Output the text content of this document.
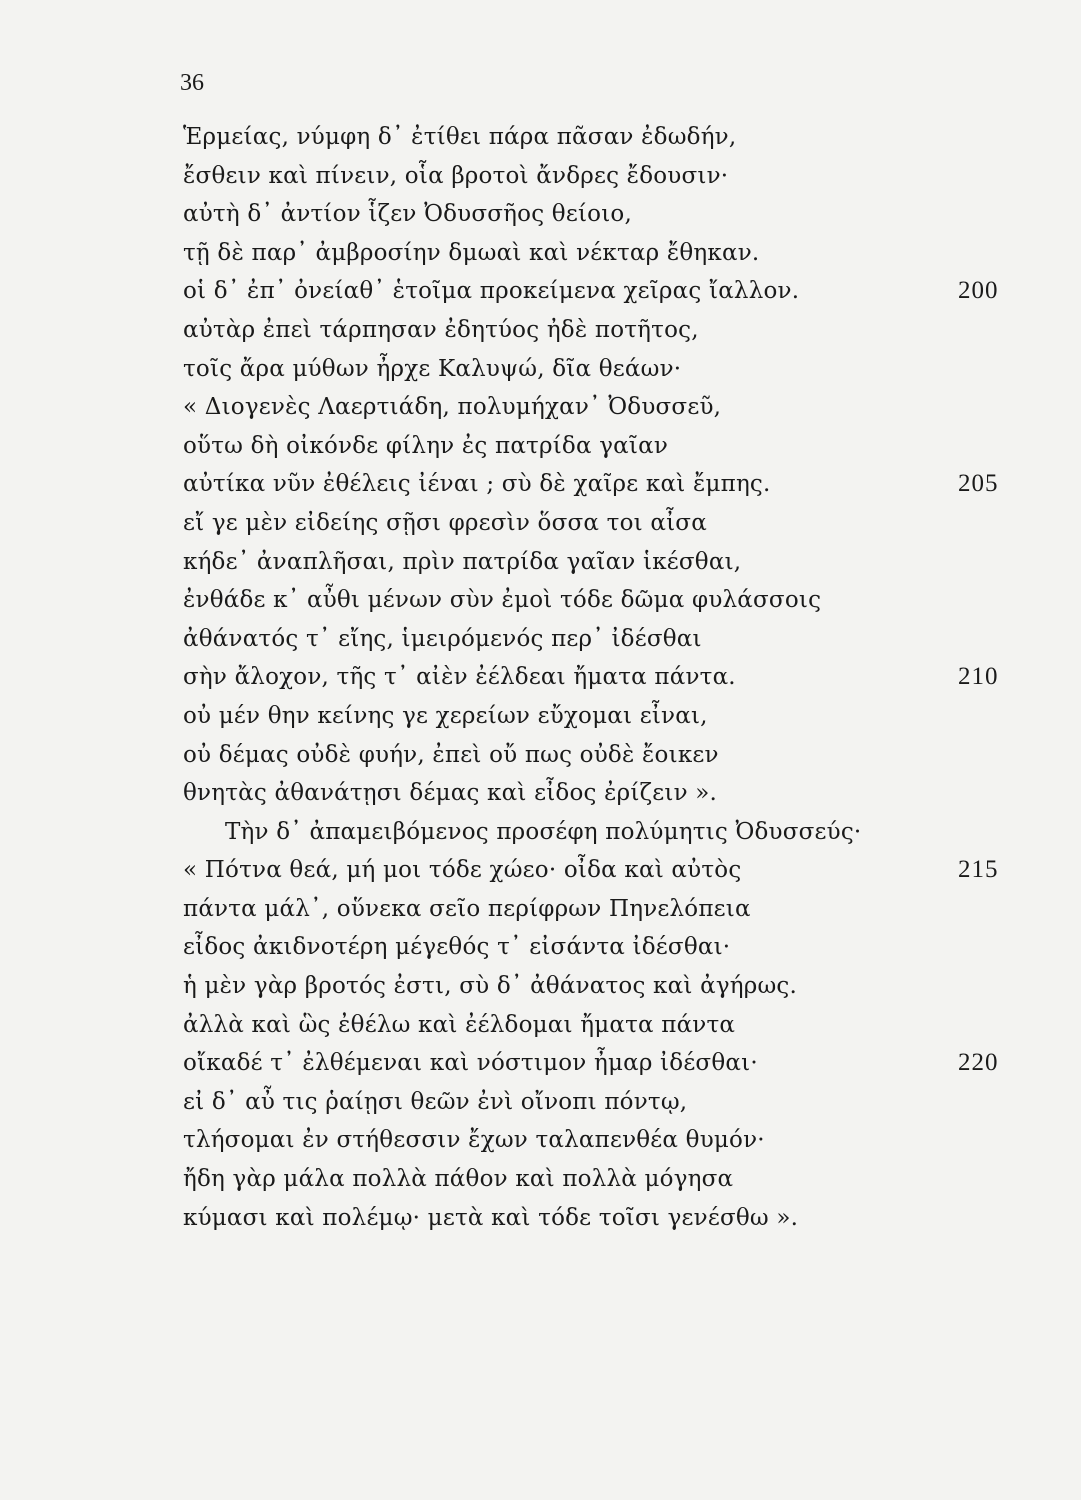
36
Ἑρμείας, νύμφη δ᾽ ἐτίθει πάρα πᾶσαν ἐδωδήν,
ἔσθειν καὶ πίνειν, οἷα βροτοὶ ἄνδρες ἔδουσιν·
αὐτὴ δ᾽ ἀντίον ἷζεν Ὀδυσσῆος θείοιο,
τῇ δὲ παρ᾽ ἀμβροσίην δμωαὶ καὶ νέκταρ ἔθηκαν.
οἱ δ᾽ ἐπ᾽ ὀνείαθ᾽ ἑτοῖμα προκείμενα χεῖρας ἴαλλον.	200
αὐτὰρ ἐπεὶ τάρπησαν ἐδητύος ἠδὲ ποτῆτος,
τοῖς ἄρα μύθων ἦρχε Καλυψώ, δῖα θεάων·
« Διογενὲς Λαερτιάδη, πολυμήχαν᾽ Ὀδυσσεῦ,
οὕτω δὴ οἰκόνδε φίλην ἐς πατρίδα γαῖαν
αὐτίκα νῦν ἐθέλεις ἰέναι ; σὺ δὲ χαῖρε καὶ ἔμπης.	205
εἴ γε μὲν εἰδείης σῇσι φρεσὶν ὅσσα τοι αἶσα
κήδε᾽ ἀναπλῆσαι, πρὶν πατρίδα γαῖαν ἱκέσθαι,
ἐνθάδε κ᾽ αὖθι μένων σὺν ἐμοὶ τόδε δῶμα φυλάσσοις
ἀθάνατός τ᾽ εἴης, ἱμειρόμενός περ᾽ ἰδέσθαι
σὴν ἄλοχον, τῆς τ᾽ αἰὲν ἐέλδεαι ἤματα πάντα.	210
οὐ μέν θην κείνης γε χερείων εὔχομαι εἶναι,
οὐ δέμας οὐδὲ φυήν, ἐπεὶ οὔ πως οὐδὲ ἔοικεν
θνητὰς ἀθανάτῃσι δέμας καὶ εἶδος ἐρίζειν ».
Τὴν δ᾽ ἀπαμειβόμενος προσέφη πολύμητις Ὀδυσσεύς·
« Πότνα θεά, μή μοι τόδε χώεο· οἶδα καὶ αὐτὸς	215
πάντα μάλ᾽, οὕνεκα σεῖο περίφρων Πηνελόπεια
εἶδος ἀκιδνοτέρη μέγεθός τ᾽ εἰσάντα ἰδέσθαι·
ἡ μὲν γὰρ βροτός ἐστι, σὺ δ᾽ ἀθάνατος καὶ ἀγήρως.
ἀλλὰ καὶ ὣς ἐθέλω καὶ ἐέλδομαι ἤματα πάντα
οἴκαδέ τ᾽ ἐλθέμεναι καὶ νόστιμον ἦμαρ ἰδέσθαι·	220
εἰ δ᾽ αὖ τις ῥαίῃσι θεῶν ἐνὶ οἴνοπι πόντῳ,
τλήσομαι ἐν στήθεσσιν ἔχων ταλαπενθέα θυμόν·
ἤδη γὰρ μάλα πολλὰ πάθον καὶ πολλὰ μόγησα
κύμασι καὶ πολέμῳ· μετὰ καὶ τόδε τοῖσι γενέσθω ».
